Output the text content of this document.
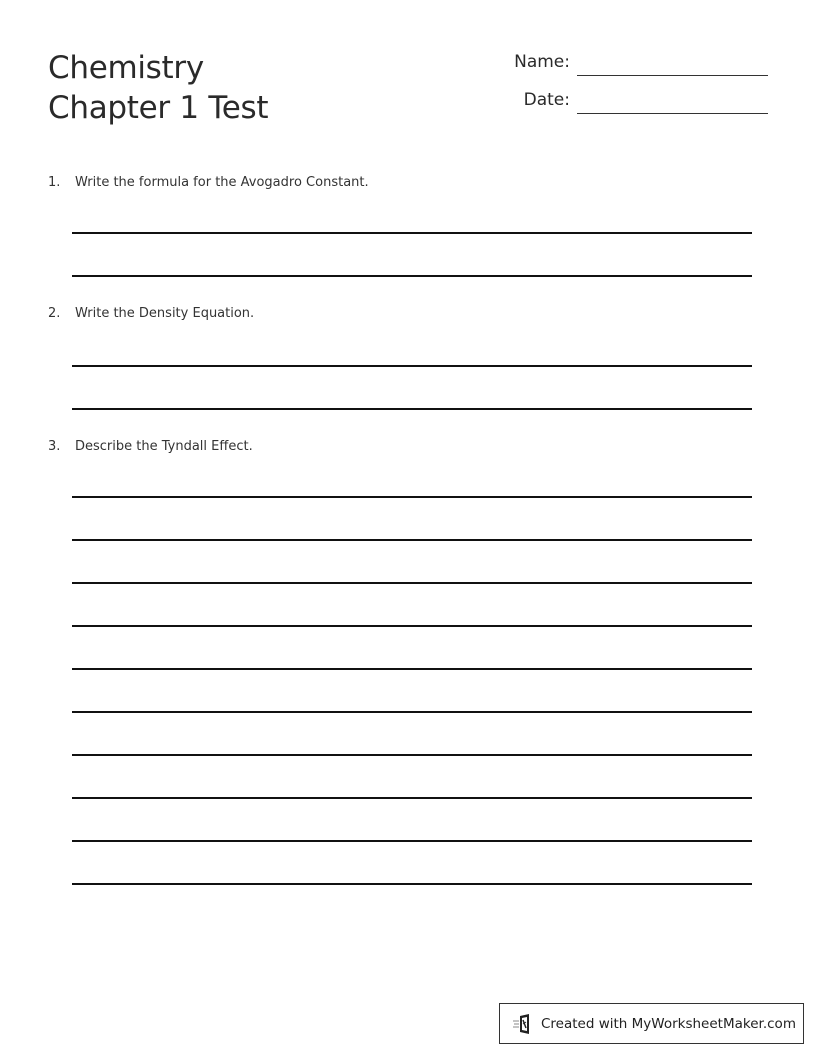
Chemistry
Chapter 1 Test
Name:
Date:
1. Write the formula for the Avogadro Constant.
2. Write the Density Equation.
3. Describe the Tyndall Effect.
Created with MyWorksheetMaker.com
